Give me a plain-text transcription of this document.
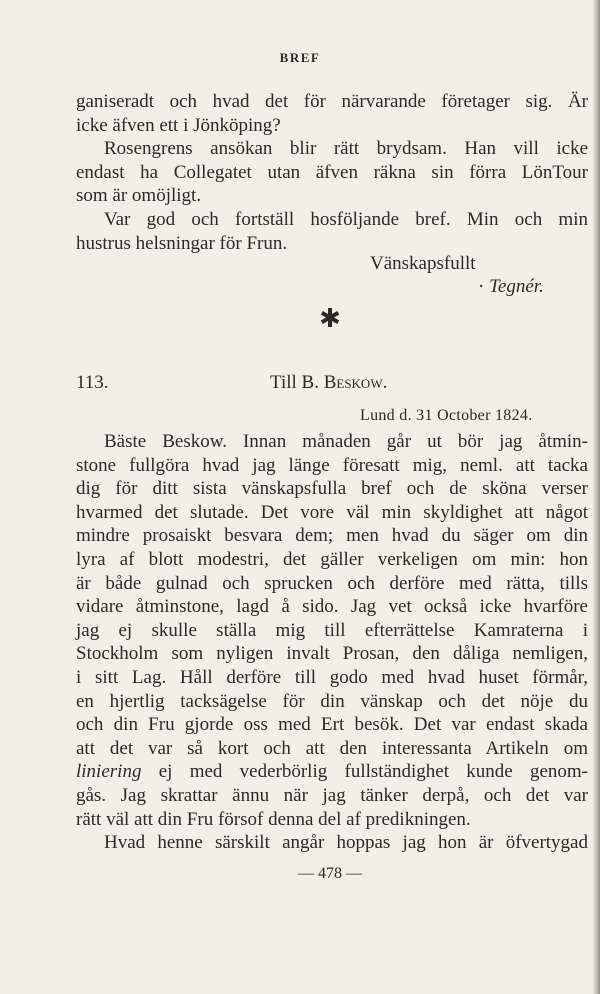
BREF
ganiseradt och hvad det för närvarande företager sig. Är
icke äfven ett i Jönköping?
Rosengrens ansökan blir rätt brydsam. Han vill icke
endast ha Collegatet utan äfven räkna sin förra LönTour
som är omöjligt.
Var god och fortställ hosföljande bref. Min och min
hustrus helsningar för Frun.
Vänskapsfullt
· Tegnér.
✱
113.	Till B. Beskow.
Lund d. 31 October 1824.
Bäste Beskow. Innan månaden går ut bör jag åtmin-
stone fullgöra hvad jag länge föresatt mig, neml. att tacka
dig för ditt sista vänskapsfulla bref och de sköna verser
hvarmed det slutade. Det vore väl min skyldighet att något
mindre prosaiskt besvara dem; men hvad du säger om din
lyra af blott modestri, det gäller verkeligen om min: hon
är både gulnad och sprucken och derföre med rätta, tills
vidare åtminstone, lagd å sido. Jag vet också icke hvarföre
jag ej skulle ställa mig till efterrättelse Kamraterna i
Stockholm som nyligen invalt Prosan, den dåliga nemligen,
i sitt Lag. Håll derföre till godo med hvad huset förmår,
en hjertlig tacksägelse för din vänskap och det nöje du
och din Fru gjorde oss med Ert besök. Det var endast skada
att det var så kort och att den interessanta Artikeln om
liniering ej med vederbörlig fullständighet kunde genom-
gås. Jag skrattar ännu när jag tänker derpå, och det var
rätt väl att din Fru försof denna del af predikningen.
Hvad henne särskilt angår hoppas jag hon är öfvertygad
— 478 —
